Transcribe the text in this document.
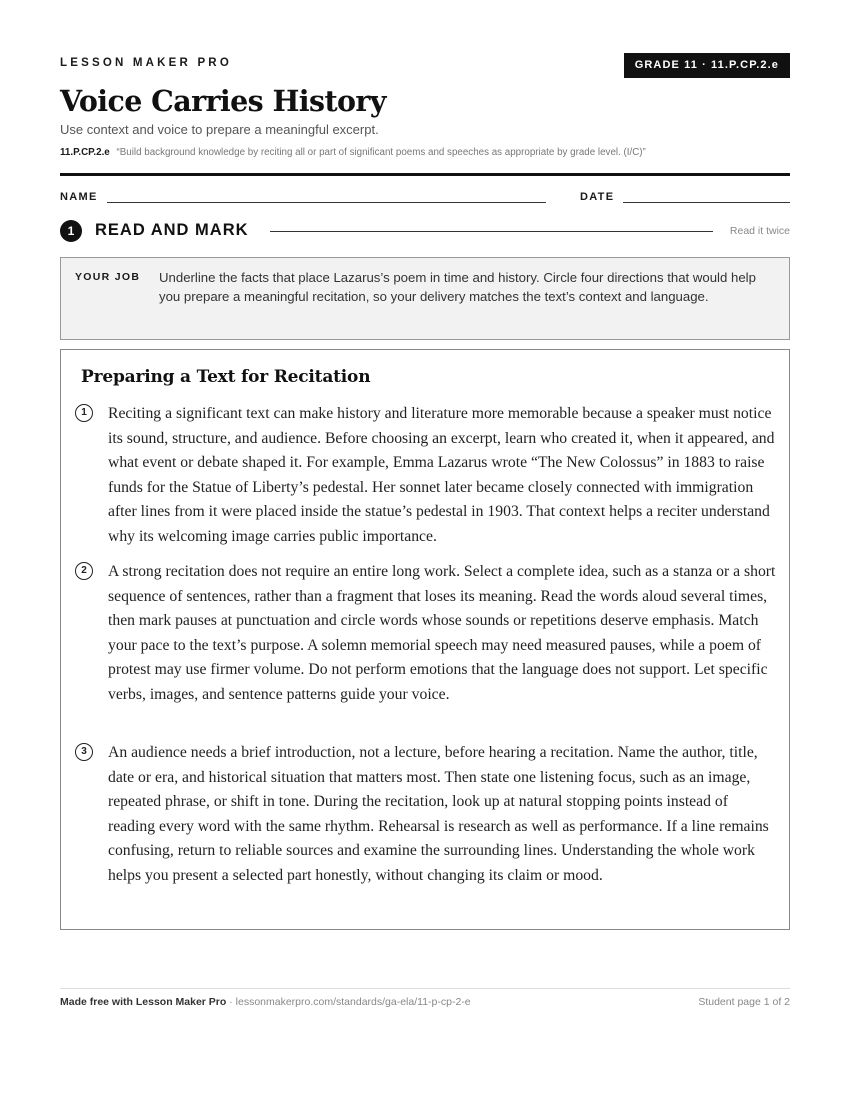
LESSON MAKER PRO	GRADE 11 · 11.P.CP.2.e
Voice Carries History
Use context and voice to prepare a meaningful excerpt.
11.P.CP.2.e “Build background knowledge by reciting all or part of significant poems and speeches as appropriate by grade level. (I/C)”
NAME	DATE
1	READ AND MARK	Read it twice
YOUR JOB Underline the facts that place Lazarus’s poem in time and history. Circle four directions that would help you prepare a meaningful recitation, so your delivery matches the text’s context and language.
Preparing a Text for Recitation
1	Reciting a significant text can make history and literature more memorable because a speaker must notice its sound, structure, and audience. Before choosing an excerpt, learn who created it, when it appeared, and what event or debate shaped it. For example, Emma Lazarus wrote “The New Colossus” in 1883 to raise funds for the Statue of Liberty’s pedestal. Her sonnet later became closely connected with immigration after lines from it were placed inside the statue’s pedestal in 1903. That context helps a reciter understand why its welcoming image carries public importance.
2	A strong recitation does not require an entire long work. Select a complete idea, such as a stanza or a short sequence of sentences, rather than a fragment that loses its meaning. Read the words aloud several times, then mark pauses at punctuation and circle words whose sounds or repetitions deserve emphasis. Match your pace to the text’s purpose. A solemn memorial speech may need measured pauses, while a poem of protest may use firmer volume. Do not perform emotions that the language does not support. Let specific verbs, images, and sentence patterns guide your voice.
3	An audience needs a brief introduction, not a lecture, before hearing a recitation. Name the author, title, date or era, and historical situation that matters most. Then state one listening focus, such as an image, repeated phrase, or shift in tone. During the recitation, look up at natural stopping points instead of reading every word with the same rhythm. Rehearsal is research as well as performance. If a line remains confusing, return to reliable sources and examine the surrounding lines. Understanding the whole work helps you present a selected part honestly, without changing its claim or mood.
Made free with Lesson Maker Pro · lessonmakerpro.com/standards/ga-ela/11-p-cp-2-e	Student page 1 of 2
